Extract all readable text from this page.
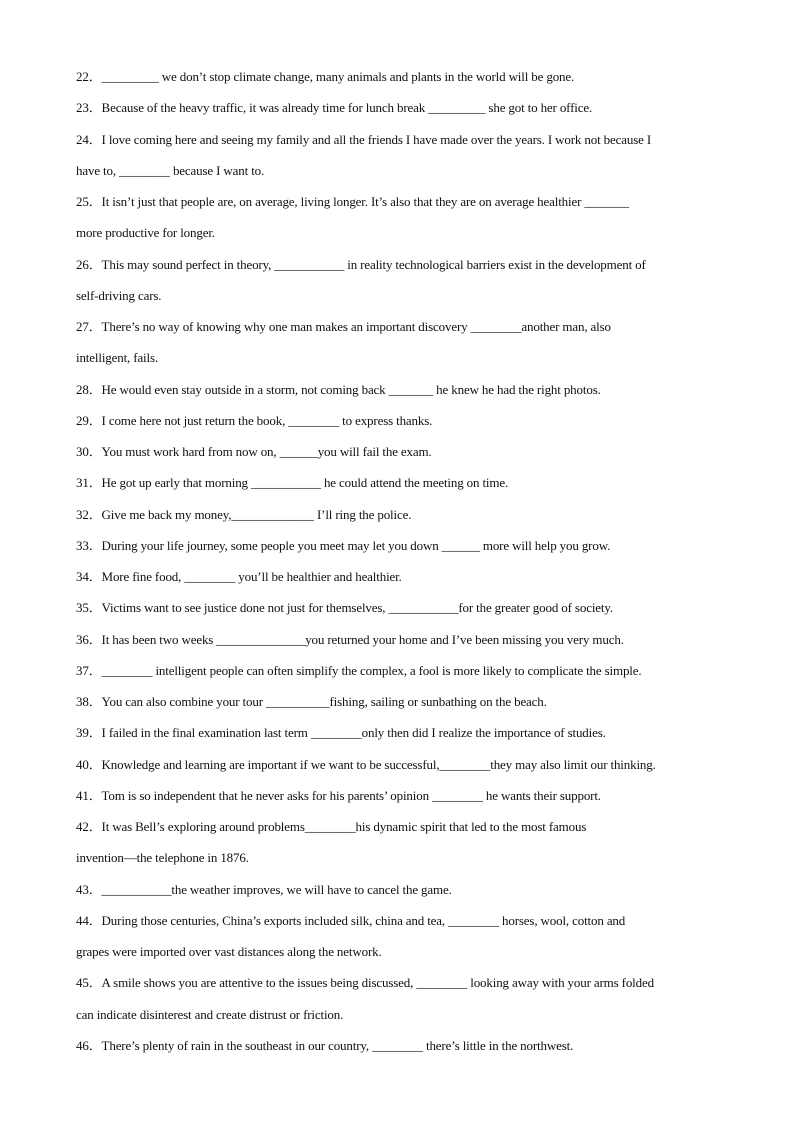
22．_________ we don’t stop climate change, many animals and plants in the world will be gone.
23．Because of the heavy traffic, it was already time for lunch break _________ she got to her office.
24．I love coming here and seeing my family and all the friends I have made over the years. I work not because I
have to, ________ because I want to.
25．It isn’t just that people are, on average, living longer. It’s also that they are on average healthier _______
more productive for longer.
26．This may sound perfect in theory, ___________ in reality technological barriers exist in the development of
self-driving cars.
27．There’s no way of knowing why one man makes an important discovery ________another man, also
intelligent, fails.
28．He would even stay outside in a storm, not coming back _______ he knew he had the right photos.
29．I come here not just return the book, ________ to express thanks.
30．You must work hard from now on, ______you will fail the exam.
31．He got up early that morning ___________ he could attend the meeting on time.
32．Give me back my money,_____________ I’ll ring the police.
33．During your life journey, some people you meet may let you down ______ more will help you grow.
34．More fine food, ________ you’ll be healthier and healthier.
35．Victims want to see justice done not just for themselves, ___________for the greater good of society.
36．It has been two weeks ______________you returned your home and I’ve been missing you very much.
37．________ intelligent people can often simplify the complex, a fool is more likely to complicate the simple.
38．You can also combine your tour __________fishing, sailing or sunbathing on the beach.
39．I failed in the final examination last term ________only then did I realize the importance of studies.
40．Knowledge and learning are important if we want to be successful,________they may also limit our thinking.
41．Tom is so independent that he never asks for his parents’ opinion ________ he wants their support.
42．It was Bell’s exploring around problems________his dynamic spirit that led to the most famous
invention—the telephone in 1876.
43．___________the weather improves, we will have to cancel the game.
44．During those centuries, China’s exports included silk, china and tea, ________ horses, wool, cotton and
grapes were imported over vast distances along the network.
45．A smile shows you are attentive to the issues being discussed, ________ looking away with your arms folded
can indicate disinterest and create distrust or friction.
46．There’s plenty of rain in the southeast in our country, ________ there’s little in the northwest.
